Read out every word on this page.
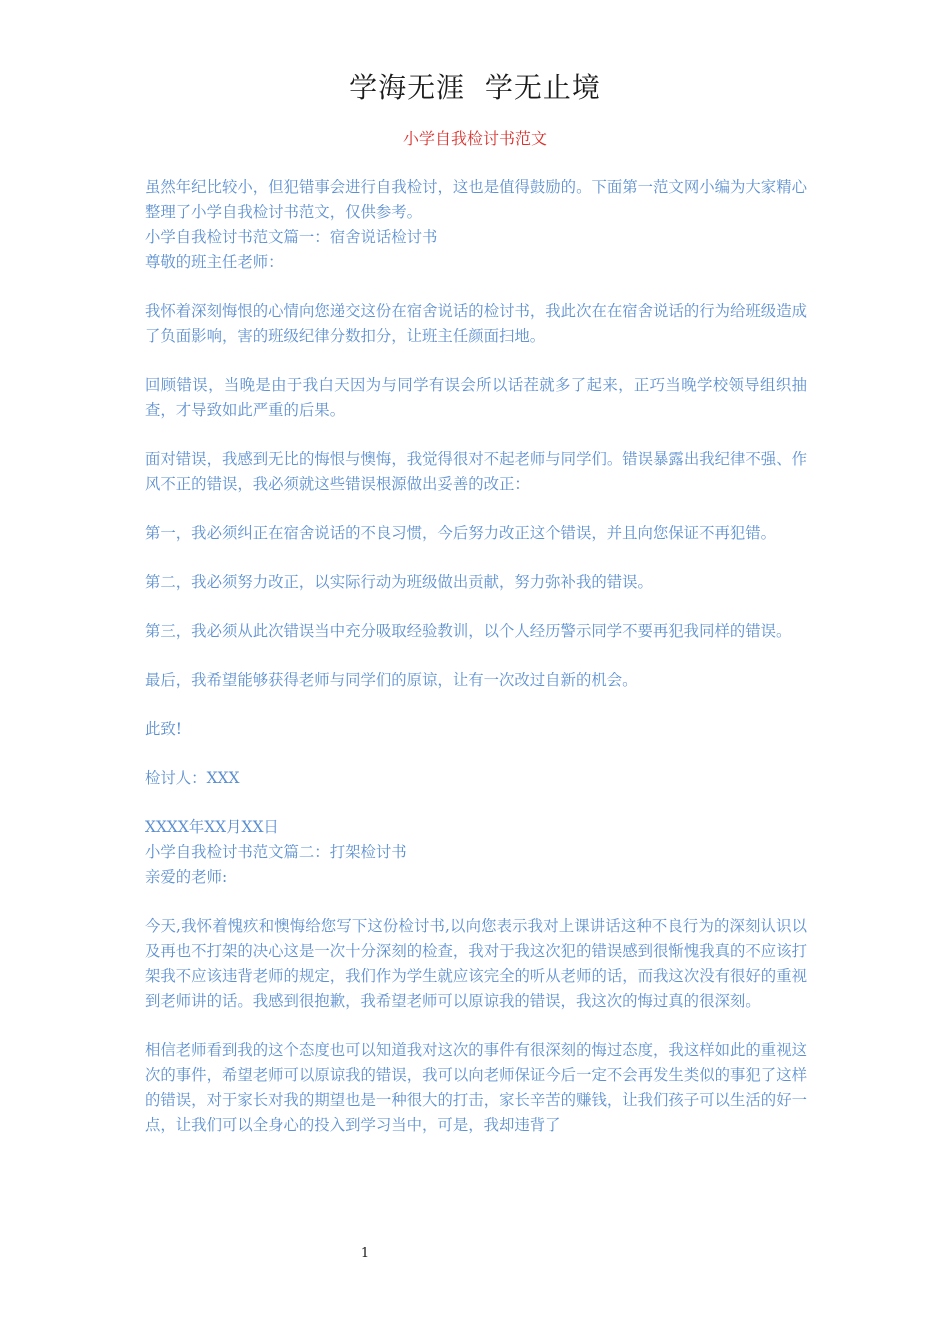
学海无涯  学无止境
小学自我检讨书范文

虽然年纪比较小，但犯错事会进行自我检讨，这也是值得鼓励的。下面第一范文网小编为大家精心整理了小学自我检讨书范文，仅供参考。

小学自我检讨书范文篇一：宿舍说话检讨书

尊敬的班主任老师：

我怀着深刻悔恨的心情向您递交这份在宿舍说话的检讨书，我此次在在宿舍说话的行为给班级造成了负面影响，害的班级纪律分数扣分，让班主任颜面扫地。

回顾错误，当晚是由于我白天因为与同学有误会所以话茬就多了起来，正巧当晚学校领导组织抽查，才导致如此严重的后果。

面对错误，我感到无比的悔恨与懊悔，我觉得很对不起老师与同学们。错误暴露出我纪律不强、作风不正的错误，我必须就这些错误根源做出妥善的改正：

第一，我必须纠正在宿舍说话的不良习惯，今后努力改正这个错误，并且向您保证不再犯错。

第二，我必须努力改正，以实际行动为班级做出贡献，努力弥补我的错误。

第三，我必须从此次错误当中充分吸取经验教训，以个人经历警示同学不要再犯我同样的错误。

最后，我希望能够获得老师与同学们的原谅，让有一次改过自新的机会。

此致!

检讨人：XXX

XXXX年XX月XX日

小学自我检讨书范文篇二：打架检讨书

亲爱的老师:

今天,我怀着愧疚和懊悔给您写下这份检讨书,以向您表示我对上课讲话这种不良行为的深刻认识以及再也不打架的决心这是一次十分深刻的检查，我对于我这次犯的错误感到很惭愧我真的不应该打架我不应该违背老师的规定，我们作为学生就应该完全的听从老师的话，而我这次没有很好的重视到老师讲的话。我感到很抱歉，我希望老师可以原谅我的错误，我这次的悔过真的很深刻。

相信老师看到我的这个态度也可以知道我对这次的事件有很深刻的悔过态度，我这样如此的重视这次的事件，希望老师可以原谅我的错误，我可以向老师保证今后一定不会再发生类似的事犯了这样的错误，对于家长对我的期望也是一种很大的打击，家长辛苦的赚钱，让我们孩子可以生活的好一点，让我们可以全身心的投入到学习当中，可是，我却违背了

1
